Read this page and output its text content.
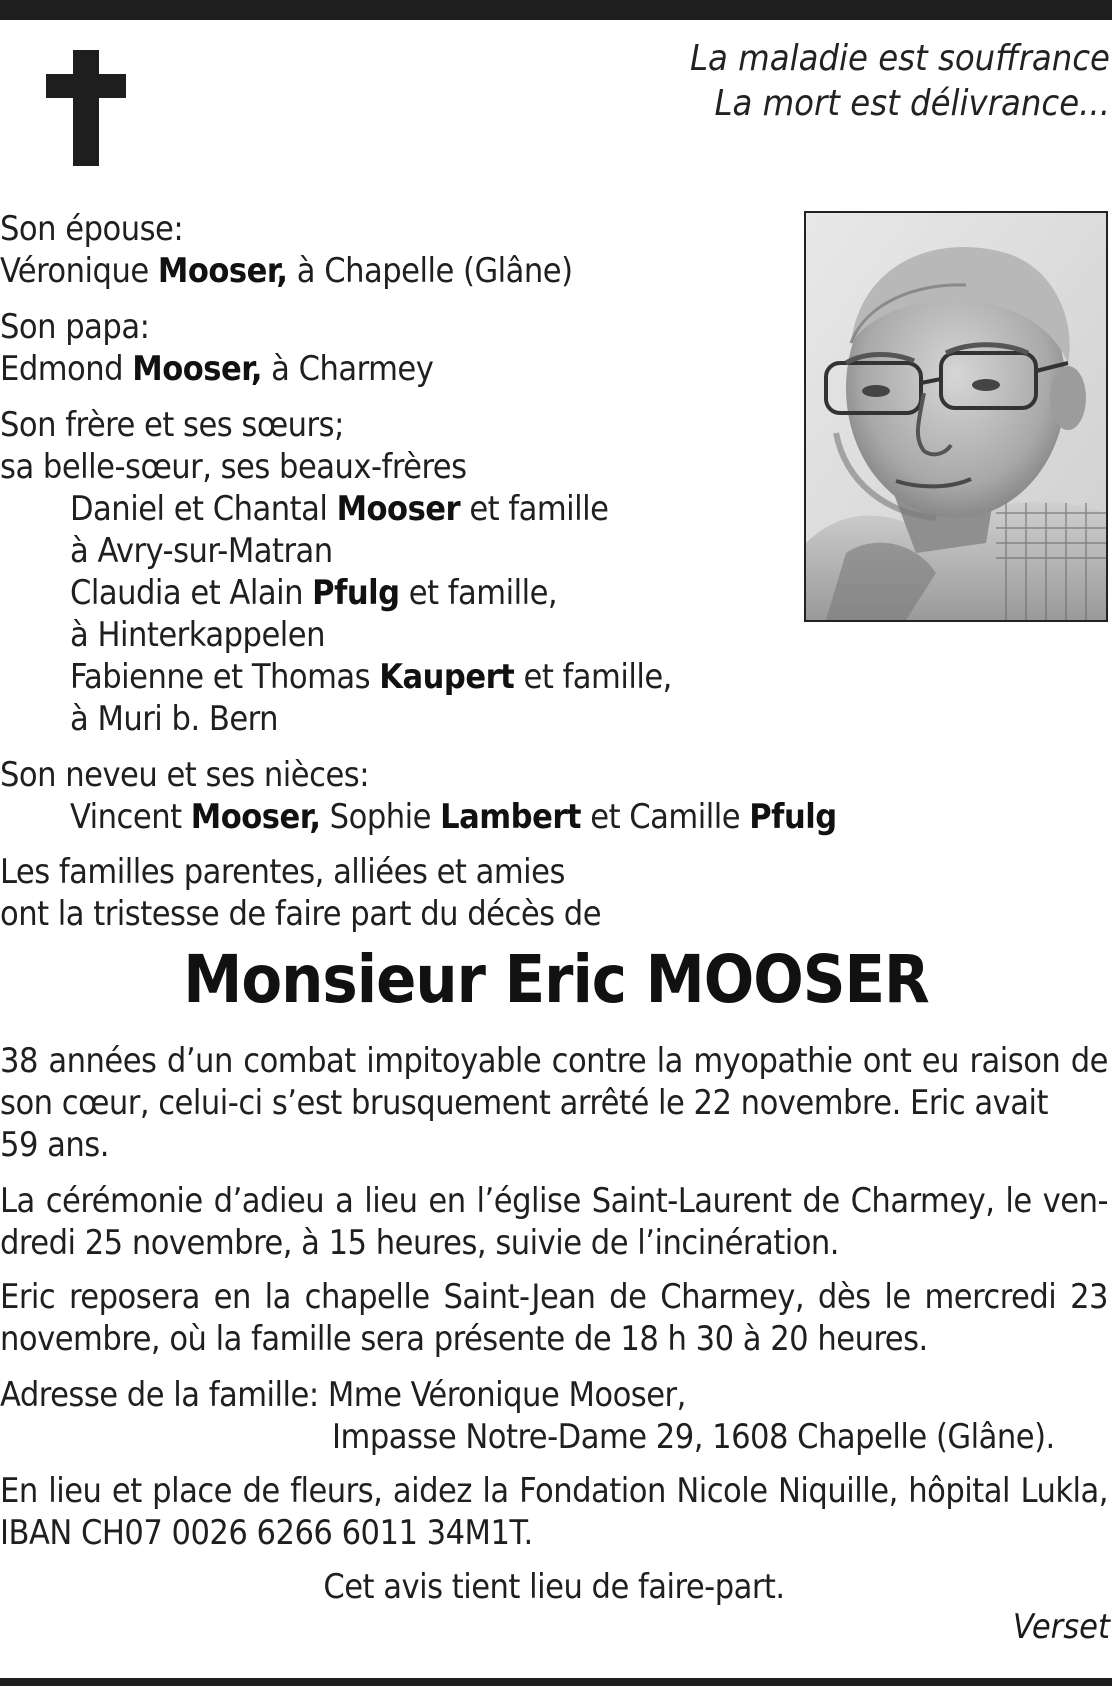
La maladie est souffrance
La mort est délivrance...
Son épouse:
Véronique Mooser, à Chapelle (Glâne)
Son papa:
Edmond Mooser, à Charmey
Son frère et ses sœurs;
sa belle-sœur, ses beaux-frères
Daniel et Chantal Mooser et famille
à Avry-sur-Matran
Claudia et Alain Pfulg et famille,
à Hinterkappelen
Fabienne et Thomas Kaupert et famille,
à Muri b. Bern
Son neveu et ses nièces:
Vincent Mooser, Sophie Lambert et Camille Pfulg
Les familles parentes, alliées et amies
ont la tristesse de faire part du décès de
Monsieur Eric MOOSER
38 années d’un combat impitoyable contre la myopathie ont eu raison de
son cœur, celui-ci s’est brusquement arrêté le 22 novembre. Eric avait
59 ans.
La cérémonie d’adieu a lieu en l’église Saint-Laurent de Charmey, le ven-
dredi 25 novembre, à 15 heures, suivie de l’incinération.
Eric reposera en la chapelle Saint-Jean de Charmey, dès le mercredi 23
novembre, où la famille sera présente de 18 h 30 à 20 heures.
Adresse de la famille: Mme Véronique Mooser,
Impasse Notre-Dame 29, 1608 Chapelle (Glâne).
En lieu et place de fleurs, aidez la Fondation Nicole Niquille, hôpital Lukla,
IBAN CH07 0026 6266 6011 34M1T.
Cet avis tient lieu de faire-part.
Verset
